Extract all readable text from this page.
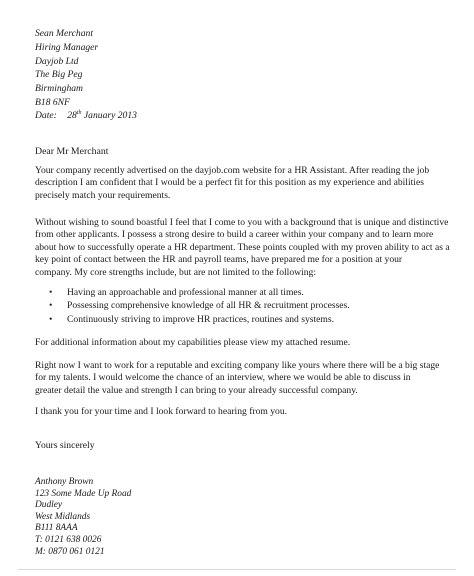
Sean Merchant
Hiring Manager
Dayjob Ltd
The Big Peg
Birmingham
B18 6NF
Date: 28th January 2013
Dear Mr Merchant
Your company recently advertised on the dayjob.com website for a HR Assistant. After reading the job
description I am confident that I would be a perfect fit for this position as my experience and abilities
precisely match your requirements.
Without wishing to sound boastful I feel that I come to you with a background that is unique and distinctive
from other applicants. I possess a strong desire to build a career within your company and to learn more
about how to successfully operate a HR department. These points coupled with my proven ability to act as a
key point of contact between the HR and payroll teams, have prepared me for a position at your
company. My core strengths include, but are not limited to the following:
• Having an approachable and professional manner at all times.
• Possessing comprehensive knowledge of all HR & recruitment processes.
• Continuously striving to improve HR practices, routines and systems.
For additional information about my capabilities please view my attached resume.
Right now I want to work for a reputable and exciting company like yours where there will be a big stage
for my talents. I would welcome the chance of an interview, where we would be able to discuss in
greater detail the value and strength I can bring to your already successful company.
I thank you for your time and I look forward to hearing from you.
Yours sincerely
Anthony Brown
123 Some Made Up Road
Dudley
West Midlands
B111 8AAA
T: 0121 638 0026
M: 0870 061 0121
